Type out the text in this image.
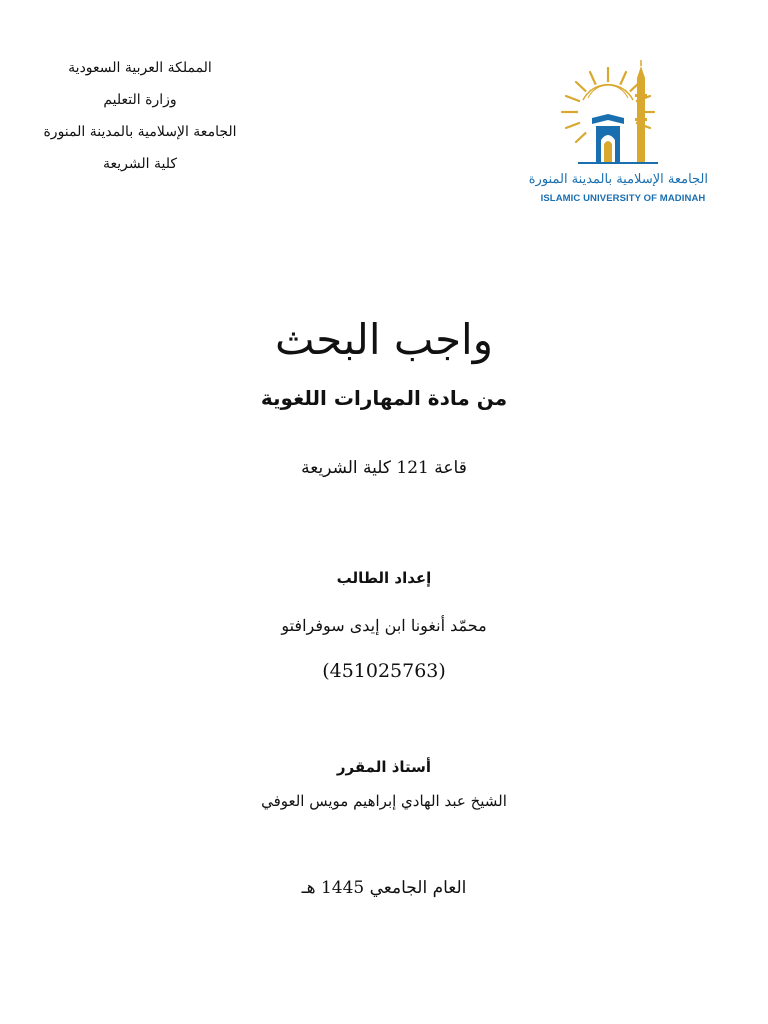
المملكة العربية السعودية
وزارة التعليم
الجامعة الإسلامية بالمدينة المنورة
كلية الشريعة
الجامعة الإسلامية بالمدينة المنورة
ISLAMIC UNIVERSITY OF MADINAH
واجب البحث
من مادة المهارات اللغوية
قاعة 121 كلية الشريعة
إعداد الطالب
محمّد أنغونا ابن إيدى سوفرافتو
(451025763)
أستاذ المقرر
الشيخ عبد الهادي إبراهيم مويس العوفي
العام الجامعي 1445 هـ
